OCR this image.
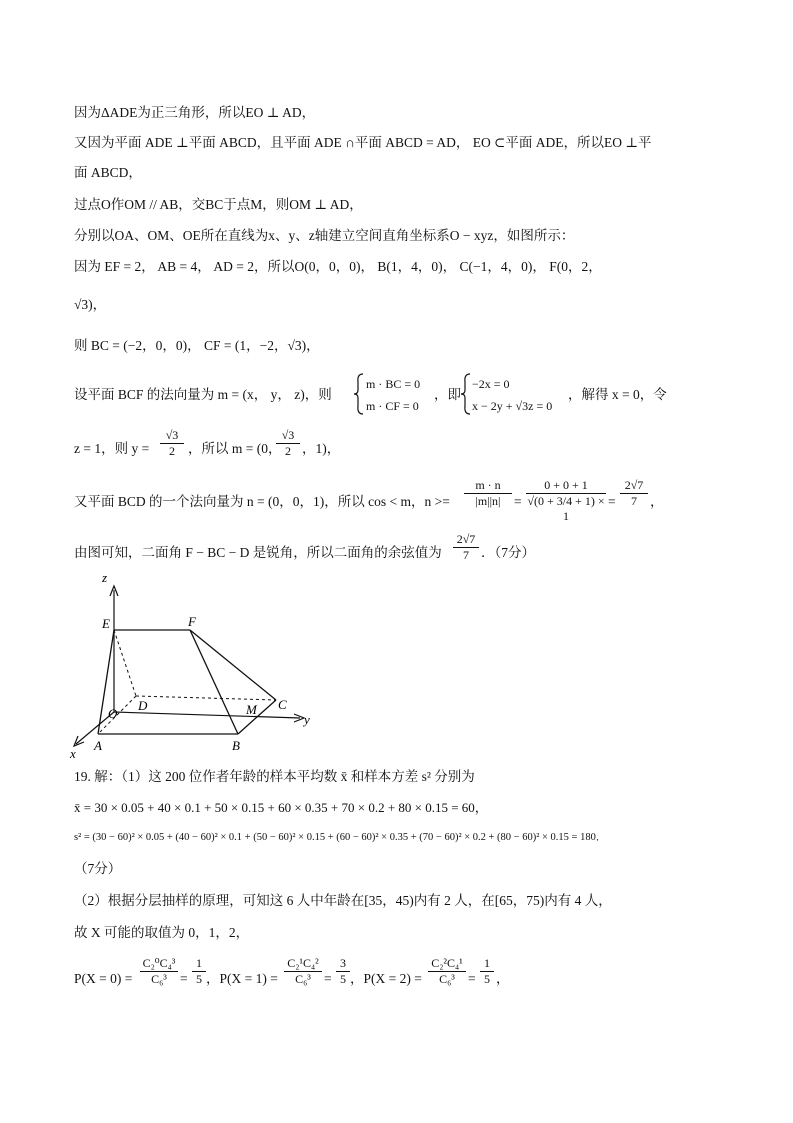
因为ΔADE为正三角形，所以EO ⊥ AD，
又因为平面 ADE ⊥平面 ABCD，且平面 ADE ∩平面 ABCD = AD， EO ⊂平面 ADE，所以EO ⊥平
面 ABCD，
过点O作OM // AB，交BC于点M，则OM ⊥ AD，
分别以OA、OM、OE所在直线为x、y、z轴建立空间直角坐标系O − xyz，如图所示：
因为 EF = 2， AB = 4， AD = 2，所以O(0，0，0)， B(1，4，0)， C(−1，4，0)， F(0，2，
√3)，
则 BC = (−2，0，0)， CF = (1，−2，√3)，
设平面 BCF 的法向量为 m = (x， y， z)，则
m · BC = 0
m · CF = 0
，即
−2x = 0
x − 2y + √3z = 0
，解得 x = 0，令
z = 1，则 $y = \frac{√3}{2}$ ，所以 m = (0，
$\frac{√3}{2}$ ，1)，
又平面 BCD 的一个法向量为 n = (0，0，1)，所以 cos < m，$n >= \frac{m \cdot n}{|m||n|} = \frac{0 + 0 + 1}{√(0 + 3/4 + 1) \times 1} = \frac{2√7}{7}$ ，
由图可知，二面角 F − BC − D 是锐角，所以二面角的余弦值为 $\frac{2√7}{7}$ ．（7分）
z
E	F
O
D	M C
y
x
A	B
19. 解：（1）这 200 位作者年龄的样本平均数 x̄ 和样本方差 s² 分别为
x̄ = 30 × 0.05 + 40 × 0.1 + 50 × 0.15 + 60 × 0.35 + 70 × 0.2 + 80 × 0.15 = 60，
s² = (30 − 60)² × 0.05 + (40 − 60)² × 0.1 + (50 − 60)² × 0.15 + (60 − 60)² × 0.35 + (70 − 60)² × 0.2 + (80 − 60)² × 0.15 = 180．
（7分）
（2）根据分层抽样的原理，可知这 6 人中年龄在[35，45)内有 2 人，在[65，75)内有 4 人，
故 X 可能的取值为 0，1，2，
$P(X = 0) = \frac{\text{C₂⁰C₄³}}{\text{C₆³}} = \frac{1}{5}$ ，$P(X = 1) = \frac{\text{C₂¹C₄²}}{\text{C₆³}} = \frac{3}{5}$ ，$P(X = 2) = \frac{\text{C₂²C₄¹}}{\text{C₆³}} = \frac{1}{5}$ ，
